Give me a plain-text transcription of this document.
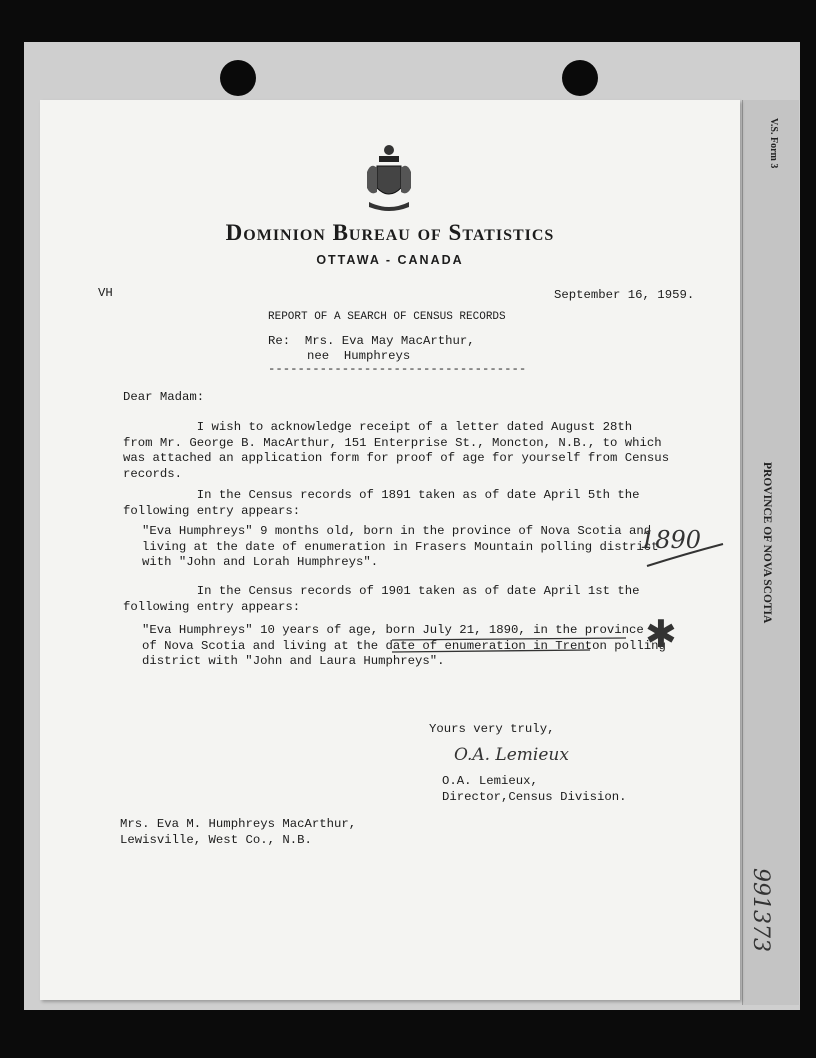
V.S. Form 3
PROVINCE OF NOVA SCOTIA
991373
Dominion Bureau of Statistics
OTTAWA - CANADA
VH	September 16, 1959.
REPORT OF A SEARCH OF CENSUS RECORDS
Re:  Mrs. Eva May MacArthur,
nee  Humphreys
-----------------------------------
Dear Madam:
I wish to acknowledge receipt of a letter dated August 28th
from Mr. George B. MacArthur, 151 Enterprise St., Moncton, N.B., to which
was attached an application form for proof of age for yourself from Census
records.
In the Census records of 1891 taken as of date April 5th the
following entry appears:
"Eva Humphreys" 9 months old, born in the province of Nova Scotia and
living at the date of enumeration in Frasers Mountain polling district
with "John and Lorah Humphreys".
In the Census records of 1901 taken as of date April 1st the
following entry appears:
"Eva Humphreys" 10 years of age, born July 21, 1890, in the province
of Nova Scotia and living at the date of enumeration in Trenton polling
district with "John and Laura Humphreys".
1890
✱
Yours very truly,
O.A. Lemieux
O.A. Lemieux,
Director,Census Division.
Mrs. Eva M. Humphreys MacArthur,
Lewisville, West Co., N.B.
